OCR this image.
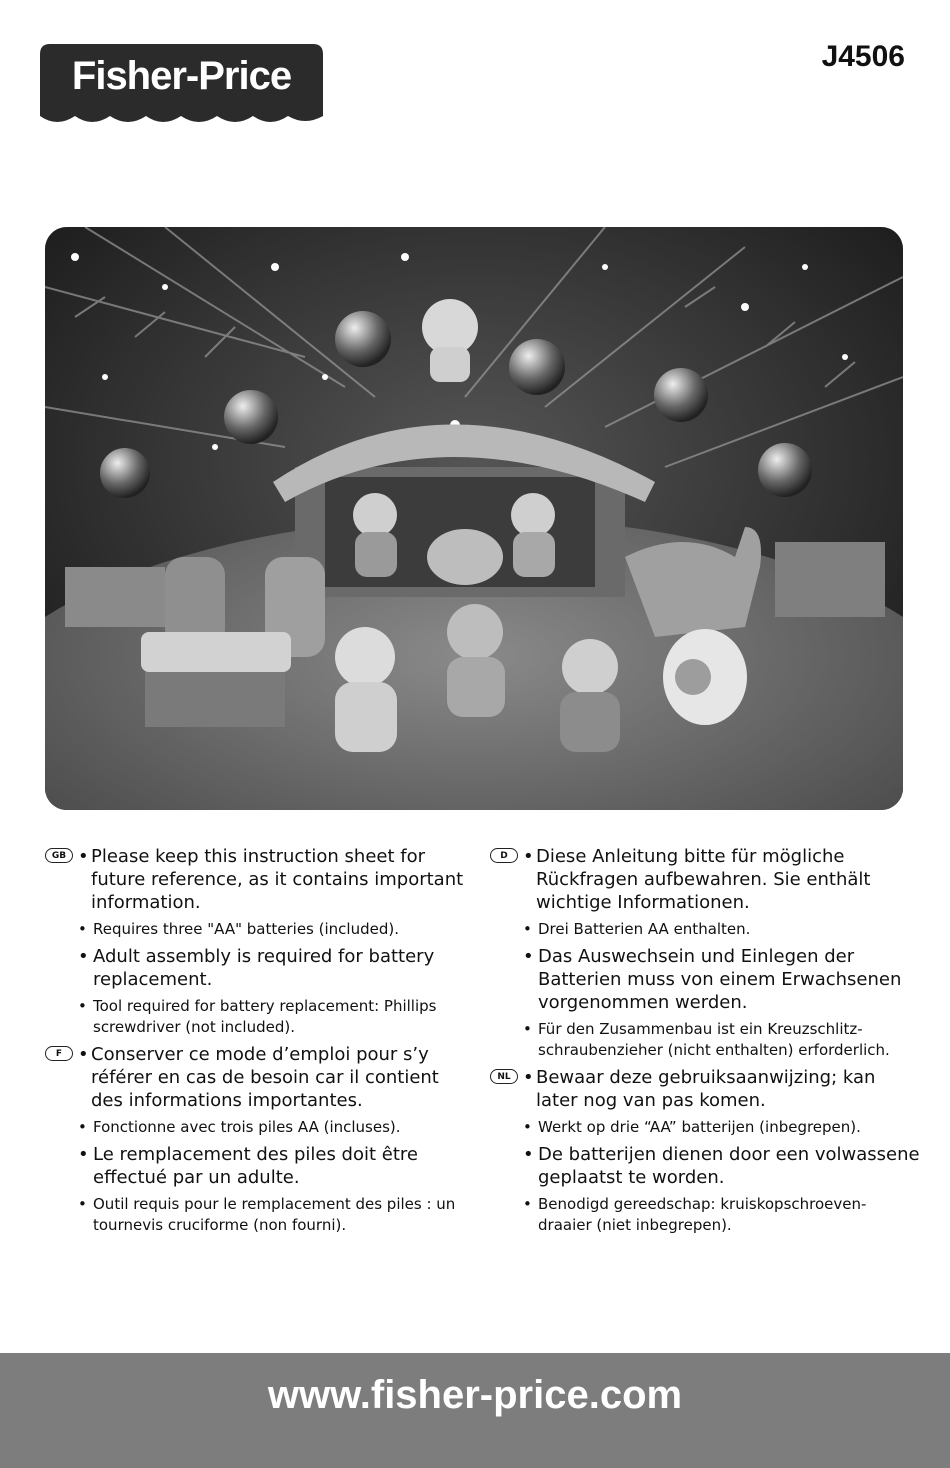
Fisher-Price	J4506
GB • Please keep this instruction sheet for future reference, as it contains important information.
• Requires three "AA" batteries (included).
• Adult assembly is required for battery replacement.
• Tool required for battery replacement: Phillips screwdriver (not included).
F • Conserver ce mode d’emploi pour s’y référer en cas de besoin car il contient des informations importantes.
• Fonctionne avec trois piles AA (incluses).
• Le remplacement des piles doit être effectué par un adulte.
• Outil requis pour le remplacement des piles : un tournevis cruciforme (non fourni).
D • Diese Anleitung bitte für mögliche Rückfragen aufbewahren. Sie enthält wichtige Informationen.
• Drei Batterien AA enthalten.
• Das Auswechsein und Einlegen der Batterien muss von einem Erwachsenen vorgenommen werden.
• Für den Zusammenbau ist ein Kreuzschlitz-schraubenzieher (nicht enthalten) erforderlich.
NL • Bewaar deze gebruiksaanwijzing; kan later nog van pas komen.
• Werkt op drie “AA” batterijen (inbegrepen).
• De batterijen dienen door een volwassene geplaatst te worden.
• Benodigd gereedschap: kruiskopschroeven-draaier (niet inbegrepen).
www.fisher-price.com
